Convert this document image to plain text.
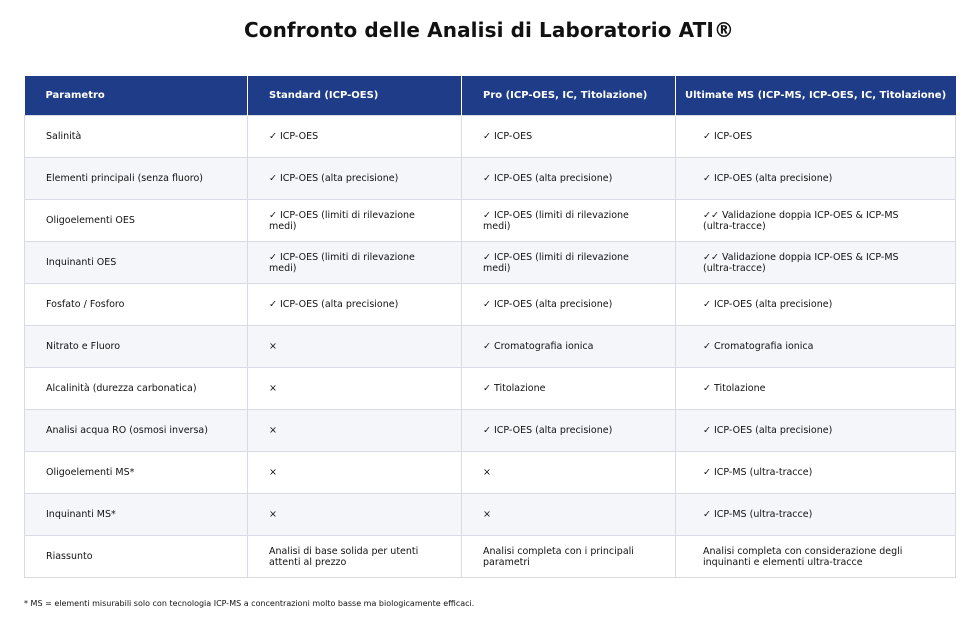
Confronto delle Analisi di Laboratorio ATI®
Parametro	Standard (ICP-OES)	Pro (ICP-OES, IC, Titolazione)	Ultimate MS (ICP-MS, ICP-OES, IC, Titolazione)
Salinità	✓ ICP-OES	✓ ICP-OES	✓ ICP-OES
Elementi principali (senza fluoro)	✓ ICP-OES (alta precisione)	✓ ICP-OES (alta precisione)	✓ ICP-OES (alta precisione)
Oligoelementi OES	✓ ICP-OES (limiti di rilevazione medi)	✓ ICP-OES (limiti di rilevazione medi)	✓✓ Validazione doppia ICP-OES & ICP-MS (ultra-tracce)
Inquinanti OES	✓ ICP-OES (limiti di rilevazione medi)	✓ ICP-OES (limiti di rilevazione medi)	✓✓ Validazione doppia ICP-OES & ICP-MS (ultra-tracce)
Fosfato / Fosforo	✓ ICP-OES (alta precisione)	✓ ICP-OES (alta precisione)	✓ ICP-OES (alta precisione)
Nitrato e Fluoro	×	✓ Cromatografia ionica	✓ Cromatografia ionica
Alcalinità (durezza carbonatica)	×	✓ Titolazione	✓ Titolazione
Analisi acqua RO (osmosi inversa)	×	✓ ICP-OES (alta precisione)	✓ ICP-OES (alta precisione)
Oligoelementi MS*	×	×	✓ ICP-MS (ultra-tracce)
Inquinanti MS*	×	×	✓ ICP-MS (ultra-tracce)
Riassunto	Analisi di base solida per utenti attenti al prezzo	Analisi completa con i principali parametri	Analisi completa con considerazione degli inquinanti e elementi ultra-tracce
* MS = elementi misurabili solo con tecnologia ICP-MS a concentrazioni molto basse ma biologicamente efficaci.
